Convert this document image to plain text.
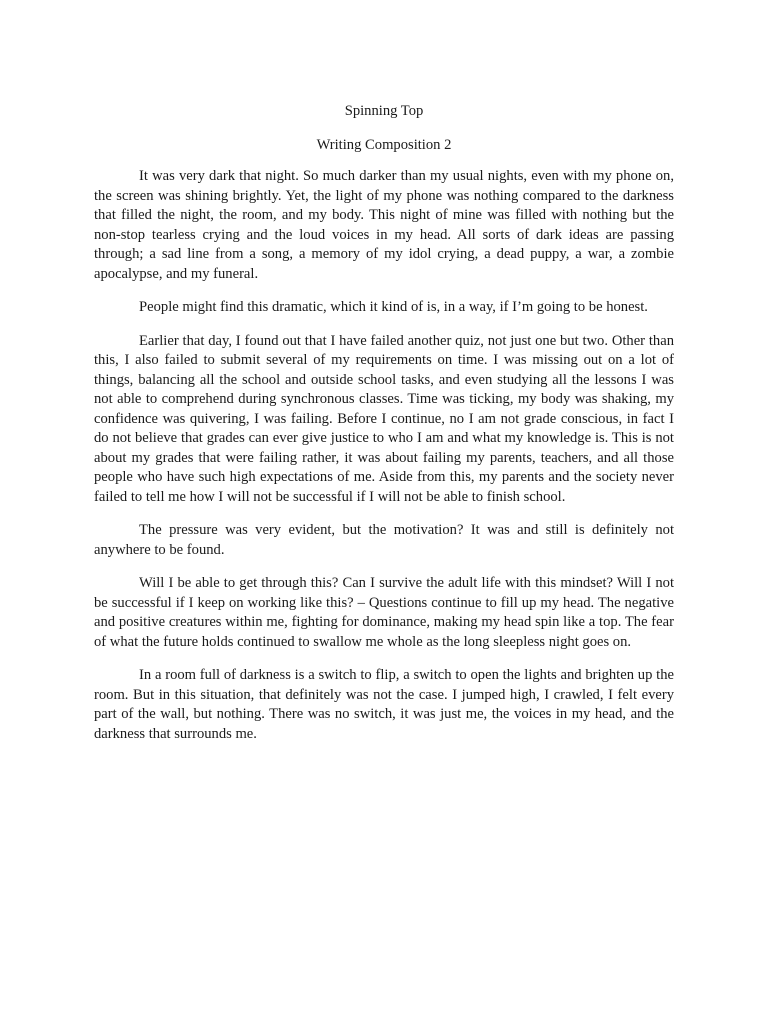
Spinning Top
Writing Composition 2

It was very dark that night. So much darker than my usual nights, even with my phone on, the screen was shining brightly. Yet, the light of my phone was nothing compared to the darkness that filled the night, the room, and my body. This night of mine was filled with nothing but the non-stop tearless crying and the loud voices in my head. All sorts of dark ideas are passing through; a sad line from a song, a memory of my idol crying, a dead puppy, a war, a zombie apocalypse, and my funeral.

People might find this dramatic, which it kind of is, in a way, if I’m going to be honest.

Earlier that day, I found out that I have failed another quiz, not just one but two. Other than this, I also failed to submit several of my requirements on time. I was missing out on a lot of things, balancing all the school and outside school tasks, and even studying all the lessons I was not able to comprehend during synchronous classes. Time was ticking, my body was shaking, my confidence was quivering, I was failing. Before I continue, no I am not grade conscious, in fact I do not believe that grades can ever give justice to who I am and what my knowledge is. This is not about my grades that were failing rather, it was about failing my parents, teachers, and all those people who have such high expectations of me. Aside from this, my parents and the society never failed to tell me how I will not be successful if I will not be able to finish school.

The pressure was very evident, but the motivation? It was and still is definitely not anywhere to be found.

Will I be able to get through this? Can I survive the adult life with this mindset? Will I not be successful if I keep on working like this? – Questions continue to fill up my head. The negative and positive creatures within me, fighting for dominance, making my head spin like a top. The fear of what the future holds continued to swallow me whole as the long sleepless night goes on.

In a room full of darkness is a switch to flip, a switch to open the lights and brighten up the room. But in this situation, that definitely was not the case. I jumped high, I crawled, I felt every part of the wall, but nothing. There was no switch, it was just me, the voices in my head, and the darkness that surrounds me.
